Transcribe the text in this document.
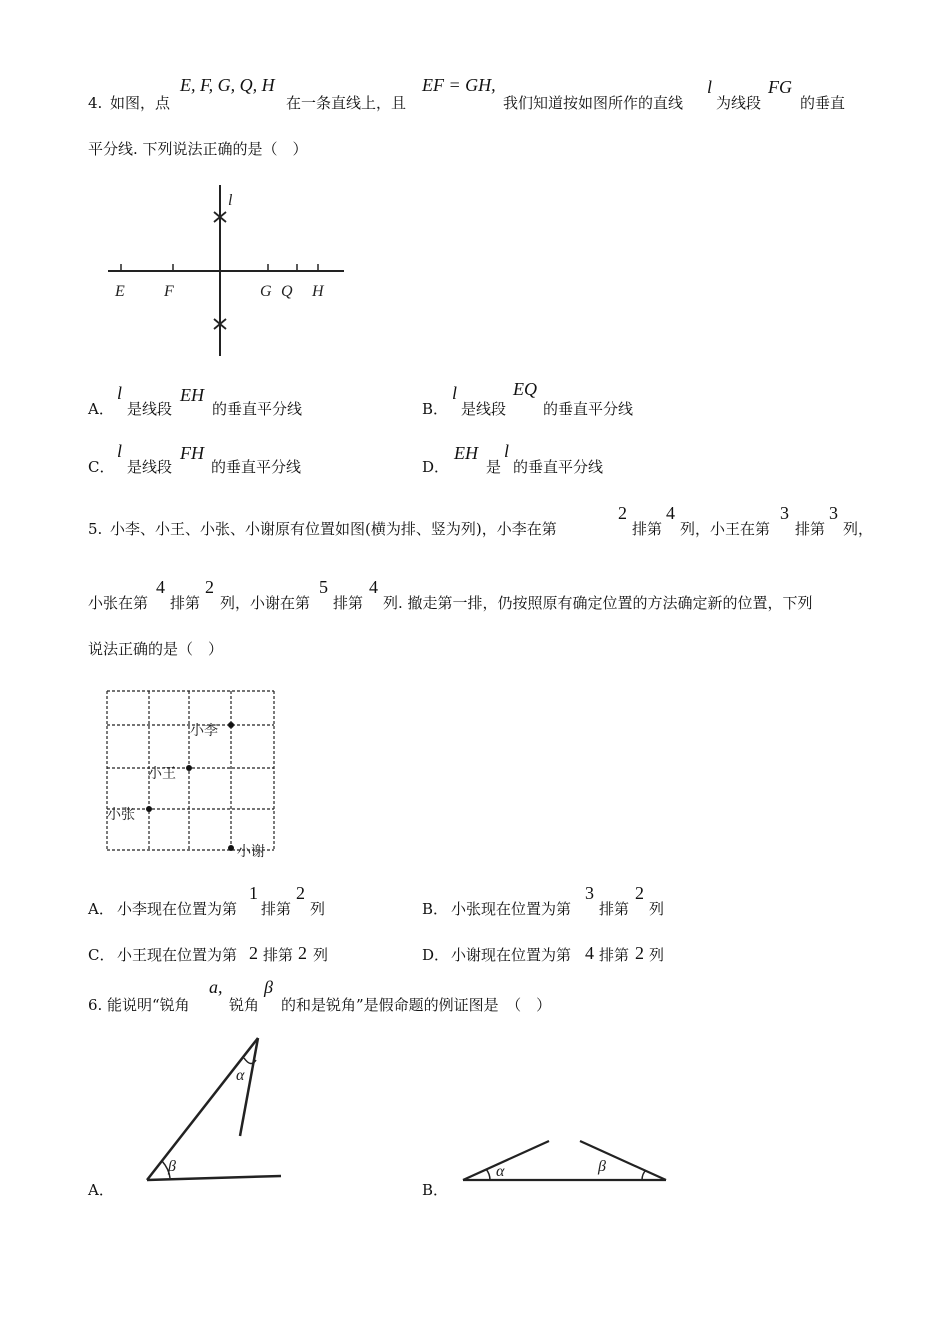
4. 如图，点
E, F, G, Q, H
在一条直线上，且
EF = GH,
我们知道按如图所作的直线
l
为线段
FG
的垂直
平分线. 下列说法正确的是（　）
l
E F	G Q H
A．
l
是线段
EH
的垂直平分线	B．
l
是线段
EQ
的垂直平分线
C．
l
是线段
FH
的垂直平分线	D．
EH
是
l
的垂直平分线
5. 小李、小王、小张、小谢原有位置如图(横为排、竖为列)，小李在第
2
排第
4
列，小王在第
3
排第
3
列，
小张在第
4
排第
2
列，小谢在第
5
排第
4
列. 撤走第一排，仍按照原有确定位置的方法确定新的位置，下列
说法正确的是（　）
小李
小王
小张
小谢
A． 小李现在位置为第
1
排第
2
列	B． 小张现在位置为第
3
排第
2
列
C． 小王现在位置为第 2 排第 2 列	D． 小谢现在位置为第 4 排第 2 列
6. 能说明“锐角
a,
锐角
β
的和是锐角”是假命题的例证图是　（　）
A．
α
β
B．
α	β
